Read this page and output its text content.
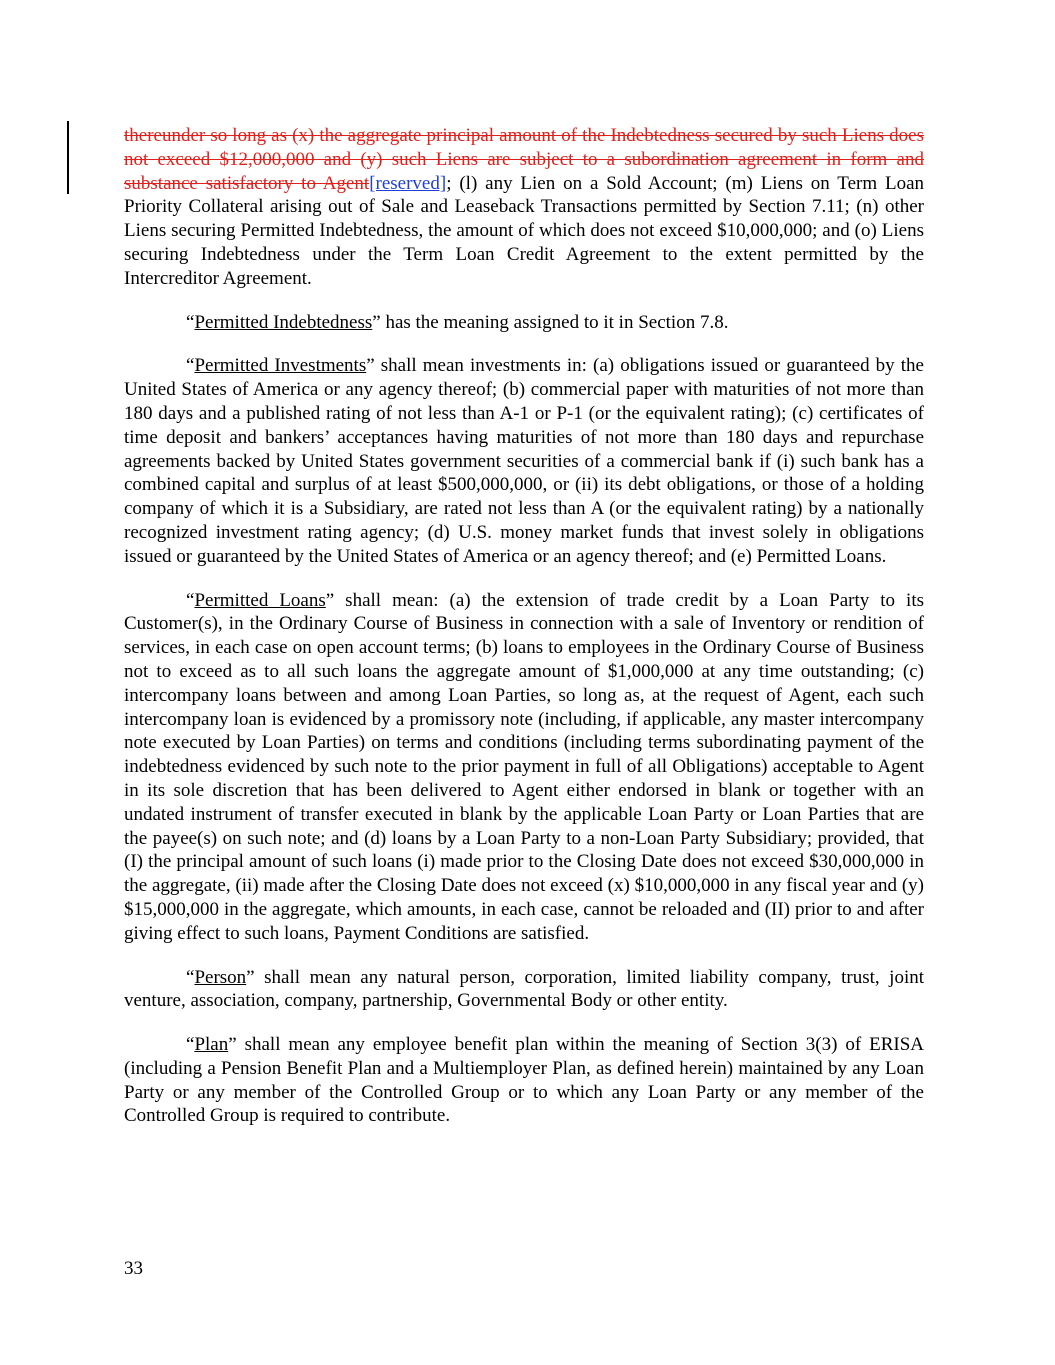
thereunder so long as (x) the aggregate principal amount of the Indebtedness secured by such Liens does not exceed $12,000,000 and (y) such Liens are subject to a subordination agreement in form and substance satisfactory to Agent[reserved]; (l) any Lien on a Sold Account; (m) Liens on Term Loan Priority Collateral arising out of Sale and Leaseback Transactions permitted by Section 7.11; (n) other Liens securing Permitted Indebtedness, the amount of which does not exceed $10,000,000; and (o) Liens securing Indebtedness under the Term Loan Credit Agreement to the extent permitted by the Intercreditor Agreement.

“Permitted Indebtedness” has the meaning assigned to it in Section 7.8.

“Permitted Investments” shall mean investments in: (a) obligations issued or guaranteed by the United States of America or any agency thereof; (b) commercial paper with maturities of not more than 180 days and a published rating of not less than A-1 or P-1 (or the equivalent rating); (c) certificates of time deposit and bankers’ acceptances having maturities of not more than 180 days and repurchase agreements backed by United States government securities of a commercial bank if (i) such bank has a combined capital and surplus of at least $500,000,000, or (ii) its debt obligations, or those of a holding company of which it is a Subsidiary, are rated not less than A (or the equivalent rating) by a nationally recognized investment rating agency; (d) U.S. money market funds that invest solely in obligations issued or guaranteed by the United States of America or an agency thereof; and (e) Permitted Loans.

“Permitted Loans” shall mean: (a) the extension of trade credit by a Loan Party to its Customer(s), in the Ordinary Course of Business in connection with a sale of Inventory or rendition of services, in each case on open account terms; (b) loans to employees in the Ordinary Course of Business not to exceed as to all such loans the aggregate amount of $1,000,000 at any time outstanding; (c) intercompany loans between and among Loan Parties, so long as, at the request of Agent, each such intercompany loan is evidenced by a promissory note (including, if applicable, any master intercompany note executed by Loan Parties) on terms and conditions (including terms subordinating payment of the indebtedness evidenced by such note to the prior payment in full of all Obligations) acceptable to Agent in its sole discretion that has been delivered to Agent either endorsed in blank or together with an undated instrument of transfer executed in blank by the applicable Loan Party or Loan Parties that are the payee(s) on such note; and (d) loans by a Loan Party to a non-Loan Party Subsidiary; provided, that (I) the principal amount of such loans (i) made prior to the Closing Date does not exceed $30,000,000 in the aggregate, (ii) made after the Closing Date does not exceed (x) $10,000,000 in any fiscal year and (y) $15,000,000 in the aggregate, which amounts, in each case, cannot be reloaded and (II) prior to and after giving effect to such loans, Payment Conditions are satisfied.

“Person” shall mean any natural person, corporation, limited liability company, trust, joint venture, association, company, partnership, Governmental Body or other entity.

“Plan” shall mean any employee benefit plan within the meaning of Section 3(3) of ERISA (including a Pension Benefit Plan and a Multiemployer Plan, as defined herein) maintained by any Loan Party or any member of the Controlled Group or to which any Loan Party or any member of the Controlled Group is required to contribute.

33
